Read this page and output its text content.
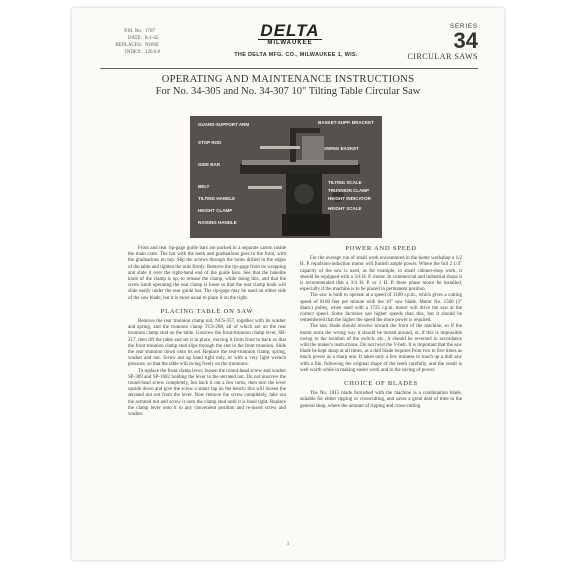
P.M. No. 1707
DATE: 8-1-45
REPLACES: NONE
INDEX: 120.6.8
DELTA
MILWAUKEE
THE DELTA MFG. CO., MILWAUKEE 1, WIS.
SERIES
34
CIRCULAR SAWS
OPERATING AND MAINTENANCE INSTRUCTIONS
For No. 34-305 and No. 34-307 10" Tilting Table Circular Saw
GUARD-SUPPORT ARM
STOP ROD
GIDE BAR
BELT
TILTING HANDLE
HEIGHT CLAMP
RAISING HANDLE
BASKET-SUPP. BRACKET
SWING BASKET
TILTING SCALE
TRUNNION CLAMP
HEIGHT INDICATOR
HEIGHT SCALE

Front and rear rip-gage guide bars are packed in a separate carton inside the main crate. The bar with the teeth and graduations goes to the front, with the graduations on top. Slip the screws through the holes drilled in the edges of the table and tighten the nuts firmly. Remove the rip-gage from its wrapping and slide it over the right-hand end of the guide bars. See that the bakelite knob of the clamp is up, to release the clamp, while doing this, and that the screw knob operating the rear clamp is loose so that the rear clamp hook will slide easily under the rear guide bar. The rip-gage may be used on either side of the saw blade, but it is more usual to place it on the right.

PLACING TABLE ON SAW

Remove the rear trunnion clamp nut, NCS-357, together with its washer and spring, and the trunnion clamp TCS-208, all of which are on the rear trunnion clamp stud on the table. Unscrew the front-trunnion clamp lever, SR-217, then lift the table and set it in place, moving it from front to back so that the front trunnion clamp stud slips through the slot in the front trunnion. Slide the rear trunnion down onto its set. Replace the rear-trunnion clamp, spring, washer and nut. Screw nut up hand tight only, or with a very light wrench pressure, so that the table will swing freely on the trunnions.

To replace the front clamp lever, loosen the round-head screw and washer SP-309 and SP-1602 holding the lever to the serrated nut. Do not unscrew the round-head screw completely, but back it out a few turns, then turn the lever upside down and give the screw a smart rap on the bench; this will loosen the serrated nut out from the lever. Now remove the screw completely, take out the serrated nut and screw it onto the clamp stud until it is hand tight. Replace the clamp lever onto it in any convenient position and re-insert screw and washer.

POWER AND SPEED

For the average run of small work encountered in the home workshop a 1/2 H. P. repulsion-induction motor will furnish ample power. Where the full 2 1/4" capacity of the saw is used, as for example, in small cabinet-shop work, it should be equipped with a 3/4 H. P. motor. In commercial and industrial shops it is recommended that a 3/4 H. P. or 1 H. P. three phase motor be installed, especially if the machine is to be placed in permanent position.

The saw is built to operate at a speed of 3100 r.p.m., which gives a cutting speed of 8100 feet per minute with the 10" saw blade. Motor No. 1500 (3" diam.) pulley, when used with a 1725 r.p.m. motor will drive the saw at the correct speed. Some factories use higher speeds than this, but it should be remembered that the higher the speed the more power is required.

The saw blade should revolve toward the front of the machine, so if the motor turns the wrong way it should be turned around, or, if this is impossible owing to the location of the switch, etc., it should be reversed in accordance with the maker's instructions. Do not twist the V-belt. It is important that the saw blade be kept sharp at all times, as a dull blade requires from two to five times as much power as a sharp one. It takes only a few minutes to touch up a dull saw with a file, following the original shape of the teeth carefully, and the result is well worth while in making easier work and in the saving of power.

CHOICE OF BLADES

The No. 1015 blade furnished with the machine is a combination blade, suitable for either ripping or crosscutting, and saves a great deal of time in the general shop, where the amount of ripping and cross-cutting

1
